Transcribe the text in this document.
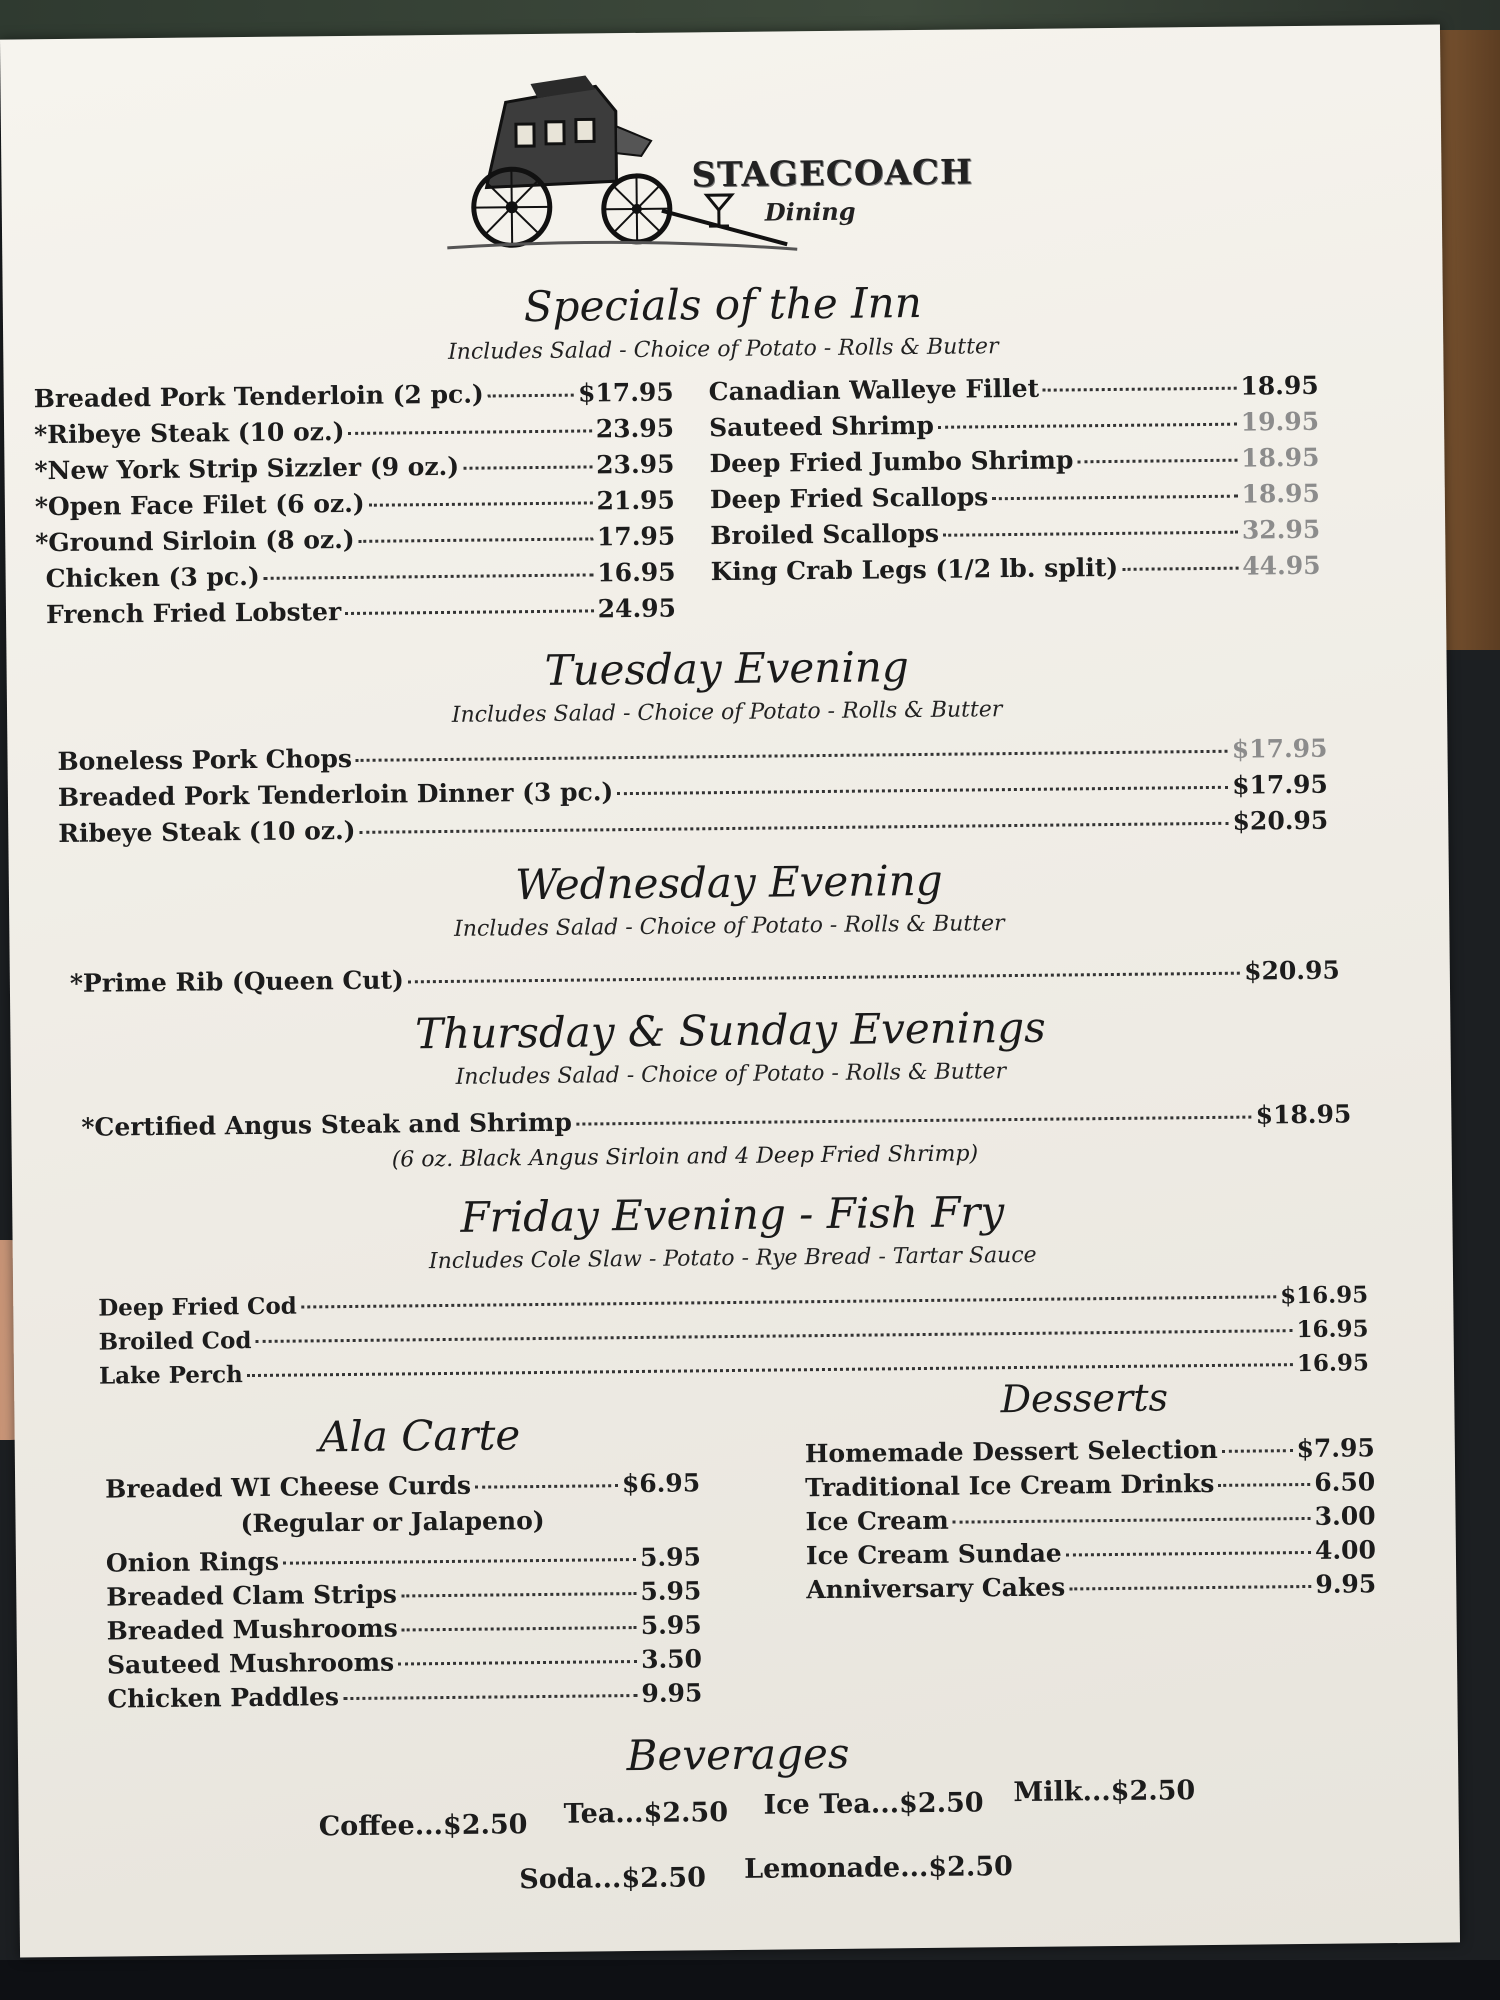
STAGECOACH
Dining
Specials of the Inn
Includes Salad - Choice of Potato - Rolls & Butter
Breaded Pork Tenderloin (2 pc.)	$17.95
*Ribeye Steak (10 oz.)	23.95
*New York Strip Sizzler (9 oz.)	23.95
*Open Face Filet (6 oz.)	21.95
*Ground Sirloin (8 oz.)	17.95
Chicken (3 pc.)	16.95
French Fried Lobster	24.95
Canadian Walleye Fillet	18.95
Sauteed Shrimp	19.95
Deep Fried Jumbo Shrimp	18.95
Deep Fried Scallops	18.95
Broiled Scallops	32.95
King Crab Legs (1/2 lb. split)	44.95
Tuesday Evening
Includes Salad - Choice of Potato - Rolls & Butter
Boneless Pork Chops	$17.95
Breaded Pork Tenderloin Dinner (3 pc.)	$17.95
Ribeye Steak (10 oz.)	$20.95
Wednesday Evening
Includes Salad - Choice of Potato - Rolls & Butter
*Prime Rib (Queen Cut)	$20.95
Thursday & Sunday Evenings
Includes Salad - Choice of Potato - Rolls & Butter
*Certified Angus Steak and Shrimp	$18.95
(6 oz. Black Angus Sirloin and 4 Deep Fried Shrimp)
Friday Evening - Fish Fry
Includes Cole Slaw - Potato - Rye Bread - Tartar Sauce
Deep Fried Cod	$16.95
Broiled Cod	16.95
Lake Perch	16.95
Ala Carte
Breaded WI Cheese Curds	$6.95
(Regular or Jalapeno)
Onion Rings	5.95
Breaded Clam Strips	5.95
Breaded Mushrooms	5.95
Sauteed Mushrooms	3.50
Chicken Paddles	9.95
Desserts
Homemade Dessert Selection	$7.95
Traditional Ice Cream Drinks	6.50
Ice Cream	3.00
Ice Cream Sundae	4.00
Anniversary Cakes	9.95
Beverages
Coffee...$2.50 Tea...$2.50 Ice Tea...$2.50 Milk...$2.50
Soda...$2.50 Lemonade...$2.50
